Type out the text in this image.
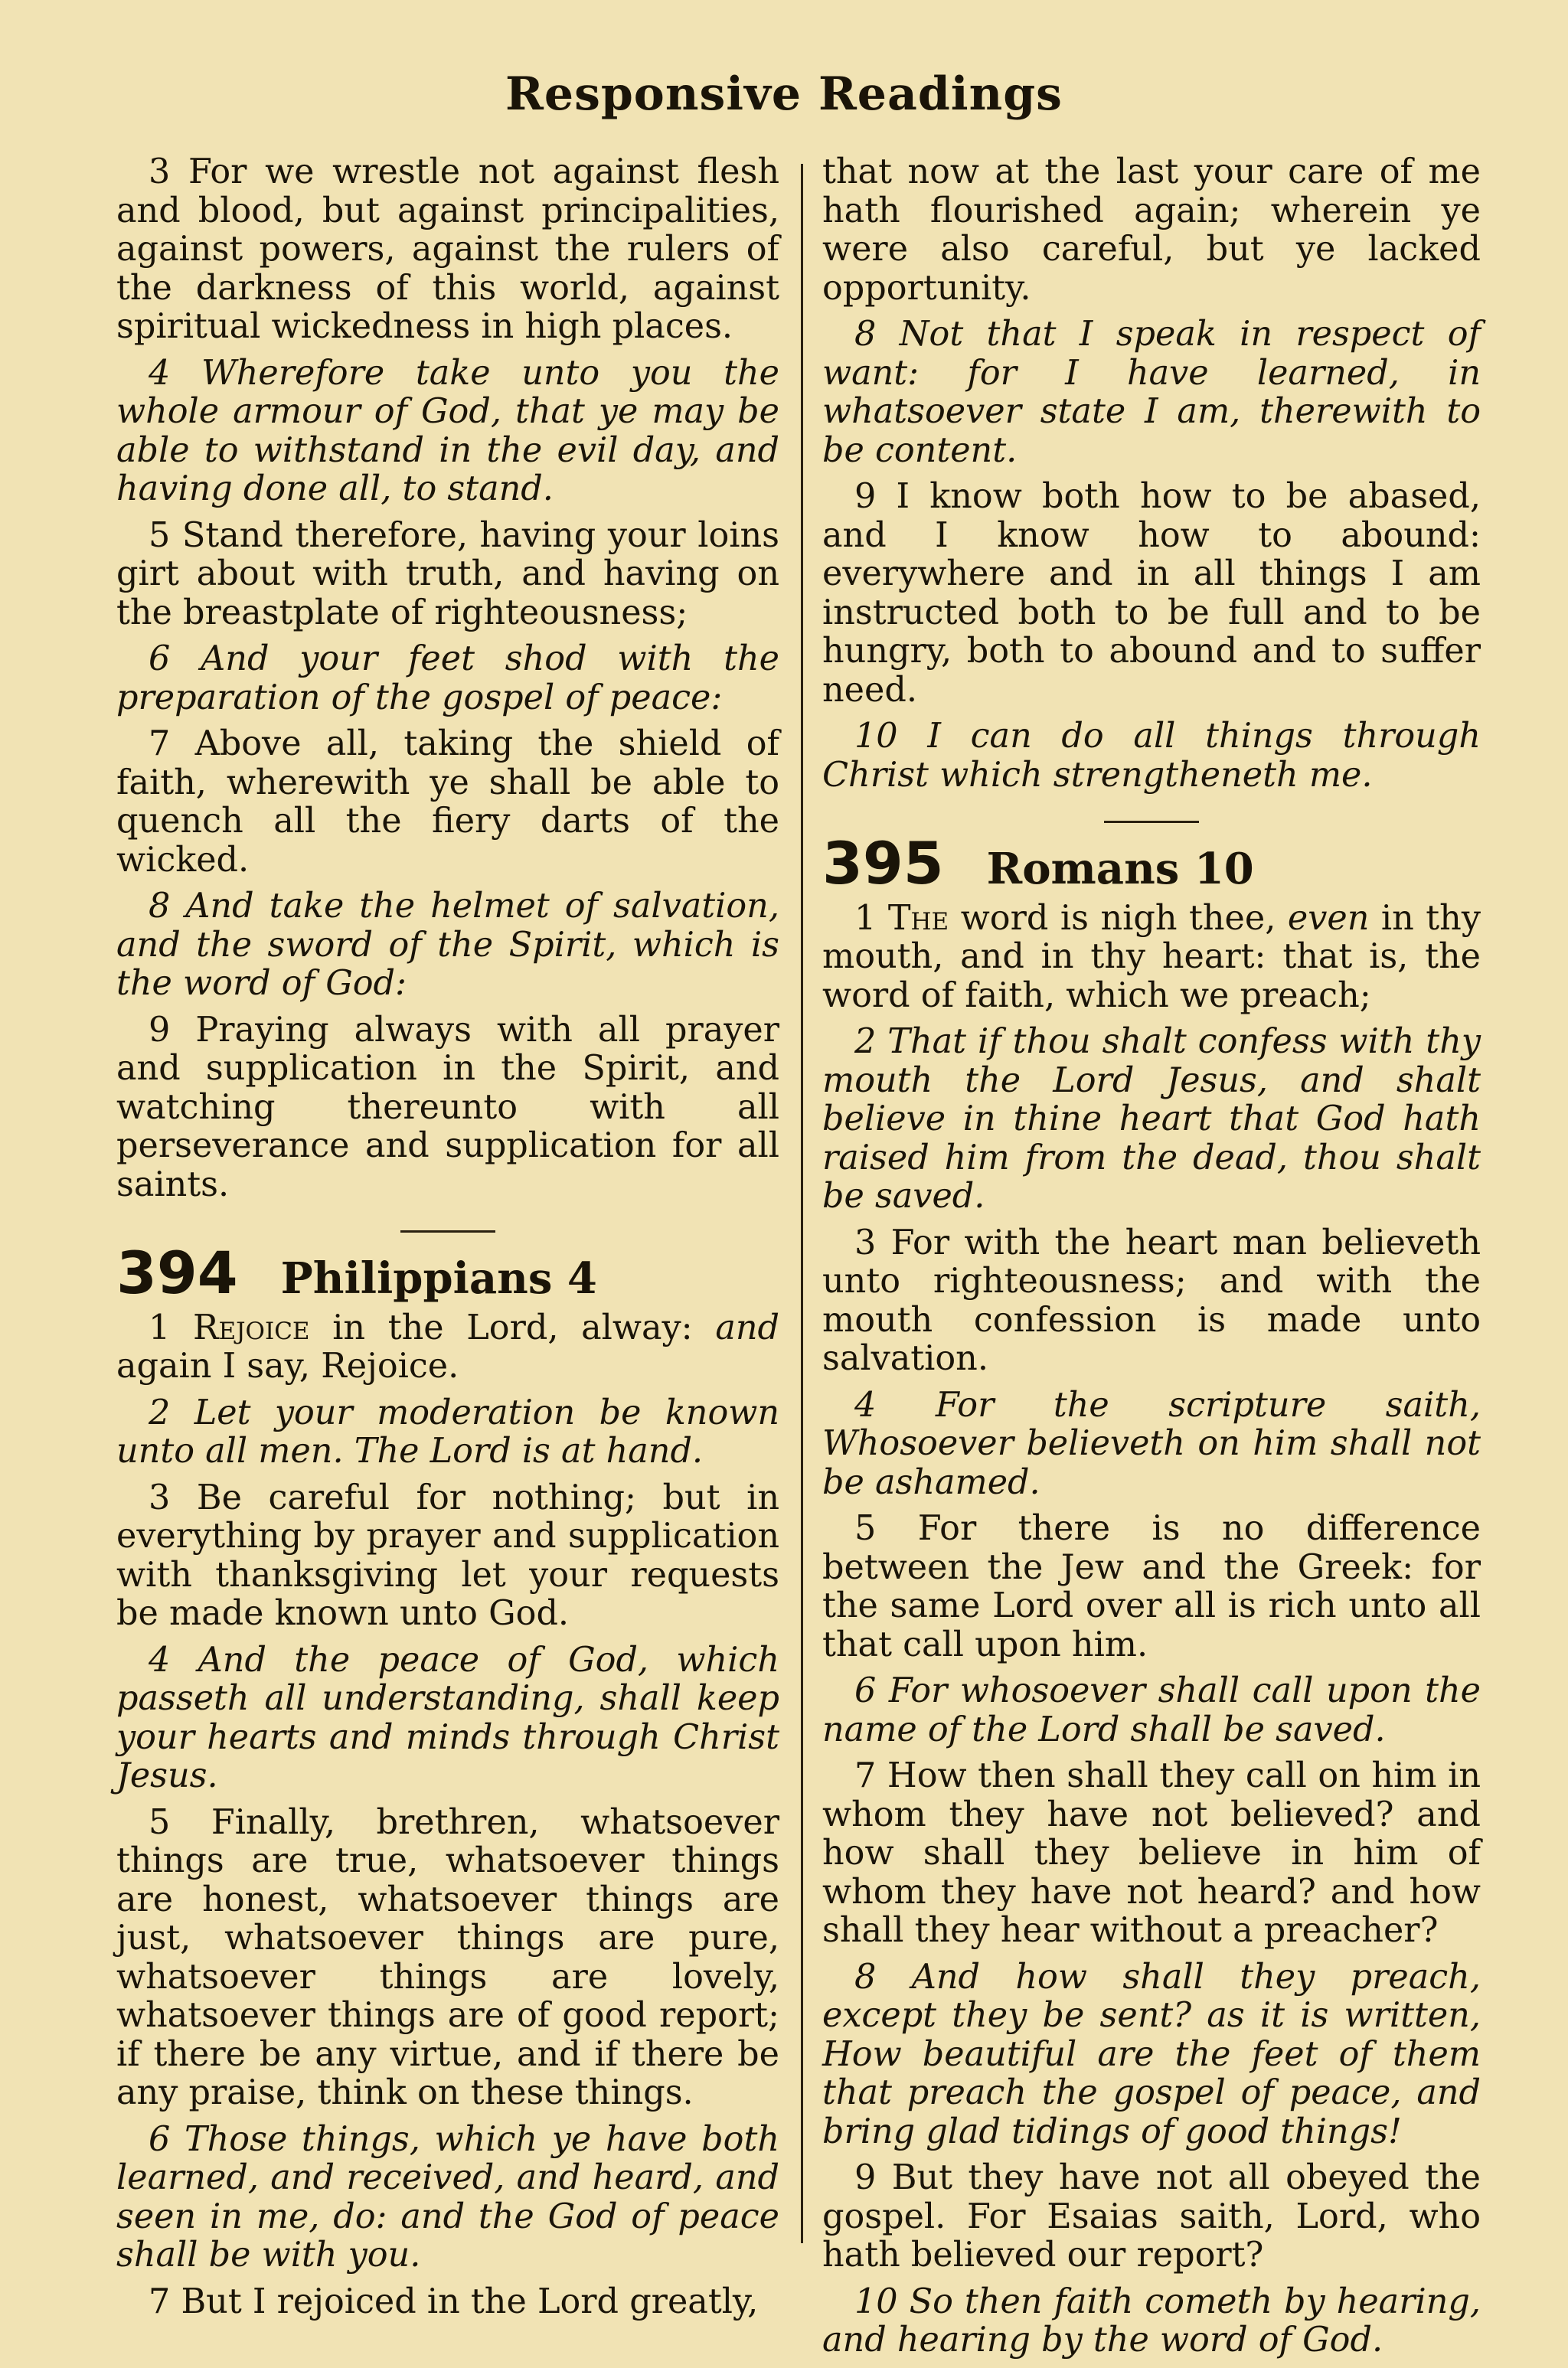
Responsive Readings

3 For we wrestle not against flesh and blood, but against principalities, against powers, against the rulers of the darkness of this world, against spiritual wickedness in high places.

4 Wherefore take unto you the whole armour of God, that ye may be able to withstand in the evil day, and having done all, to stand.

5 Stand therefore, having your loins girt about with truth, and having on the breastplate of righteousness;

6 And your feet shod with the preparation of the gospel of peace:

7 Above all, taking the shield of faith, wherewith ye shall be able to quench all the fiery darts of the wicked.

8 And take the helmet of salvation, and the sword of the Spirit, which is the word of God:

9 Praying always with all prayer and supplication in the Spirit, and watching thereunto with all perseverance and supplication for all saints.

394 Philippians 4

1 Rejoice in the Lord, alway: and again I say, Rejoice.

2 Let your moderation be known unto all men. The Lord is at hand.

3 Be careful for nothing; but in everything by prayer and supplication with thanksgiving let your requests be made known unto God.

4 And the peace of God, which passeth all understanding, shall keep your hearts and minds through Christ Jesus.

5 Finally, brethren, whatsoever things are true, whatsoever things are honest, whatsoever things are just, whatsoever things are pure, whatsoever things are lovely, whatsoever things are of good report; if there be any virtue, and if there be any praise, think on these things.

6 Those things, which ye have both learned, and received, and heard, and seen in me, do: and the God of peace shall be with you.

7 But I rejoiced in the Lord greatly,

that now at the last your care of me hath flourished again; wherein ye were also careful, but ye lacked opportunity.

8 Not that I speak in respect of want: for I have learned, in whatsoever state I am, therewith to be content.

9 I know both how to be abased, and I know how to abound: everywhere and in all things I am instructed both to be full and to be hungry, both to abound and to suffer need.

10 I can do all things through Christ which strengtheneth me.

395 Romans 10

1 The word is nigh thee, even in thy mouth, and in thy heart: that is, the word of faith, which we preach;

2 That if thou shalt confess with thy mouth the Lord Jesus, and shalt believe in thine heart that God hath raised him from the dead, thou shalt be saved.

3 For with the heart man believeth unto righteousness; and with the mouth confession is made unto salvation.

4 For the scripture saith, Whosoever believeth on him shall not be ashamed.

5 For there is no difference between the Jew and the Greek: for the same Lord over all is rich unto all that call upon him.

6 For whosoever shall call upon the name of the Lord shall be saved.

7 How then shall they call on him in whom they have not believed? and how shall they believe in him of whom they have not heard? and how shall they hear without a preacher?

8 And how shall they preach, except they be sent? as it is written, How beautiful are the feet of them that preach the gospel of peace, and bring glad tidings of good things!

9 But they have not all obeyed the gospel. For Esaias saith, Lord, who hath believed our report?

10 So then faith cometh by hearing, and hearing by the word of God.
